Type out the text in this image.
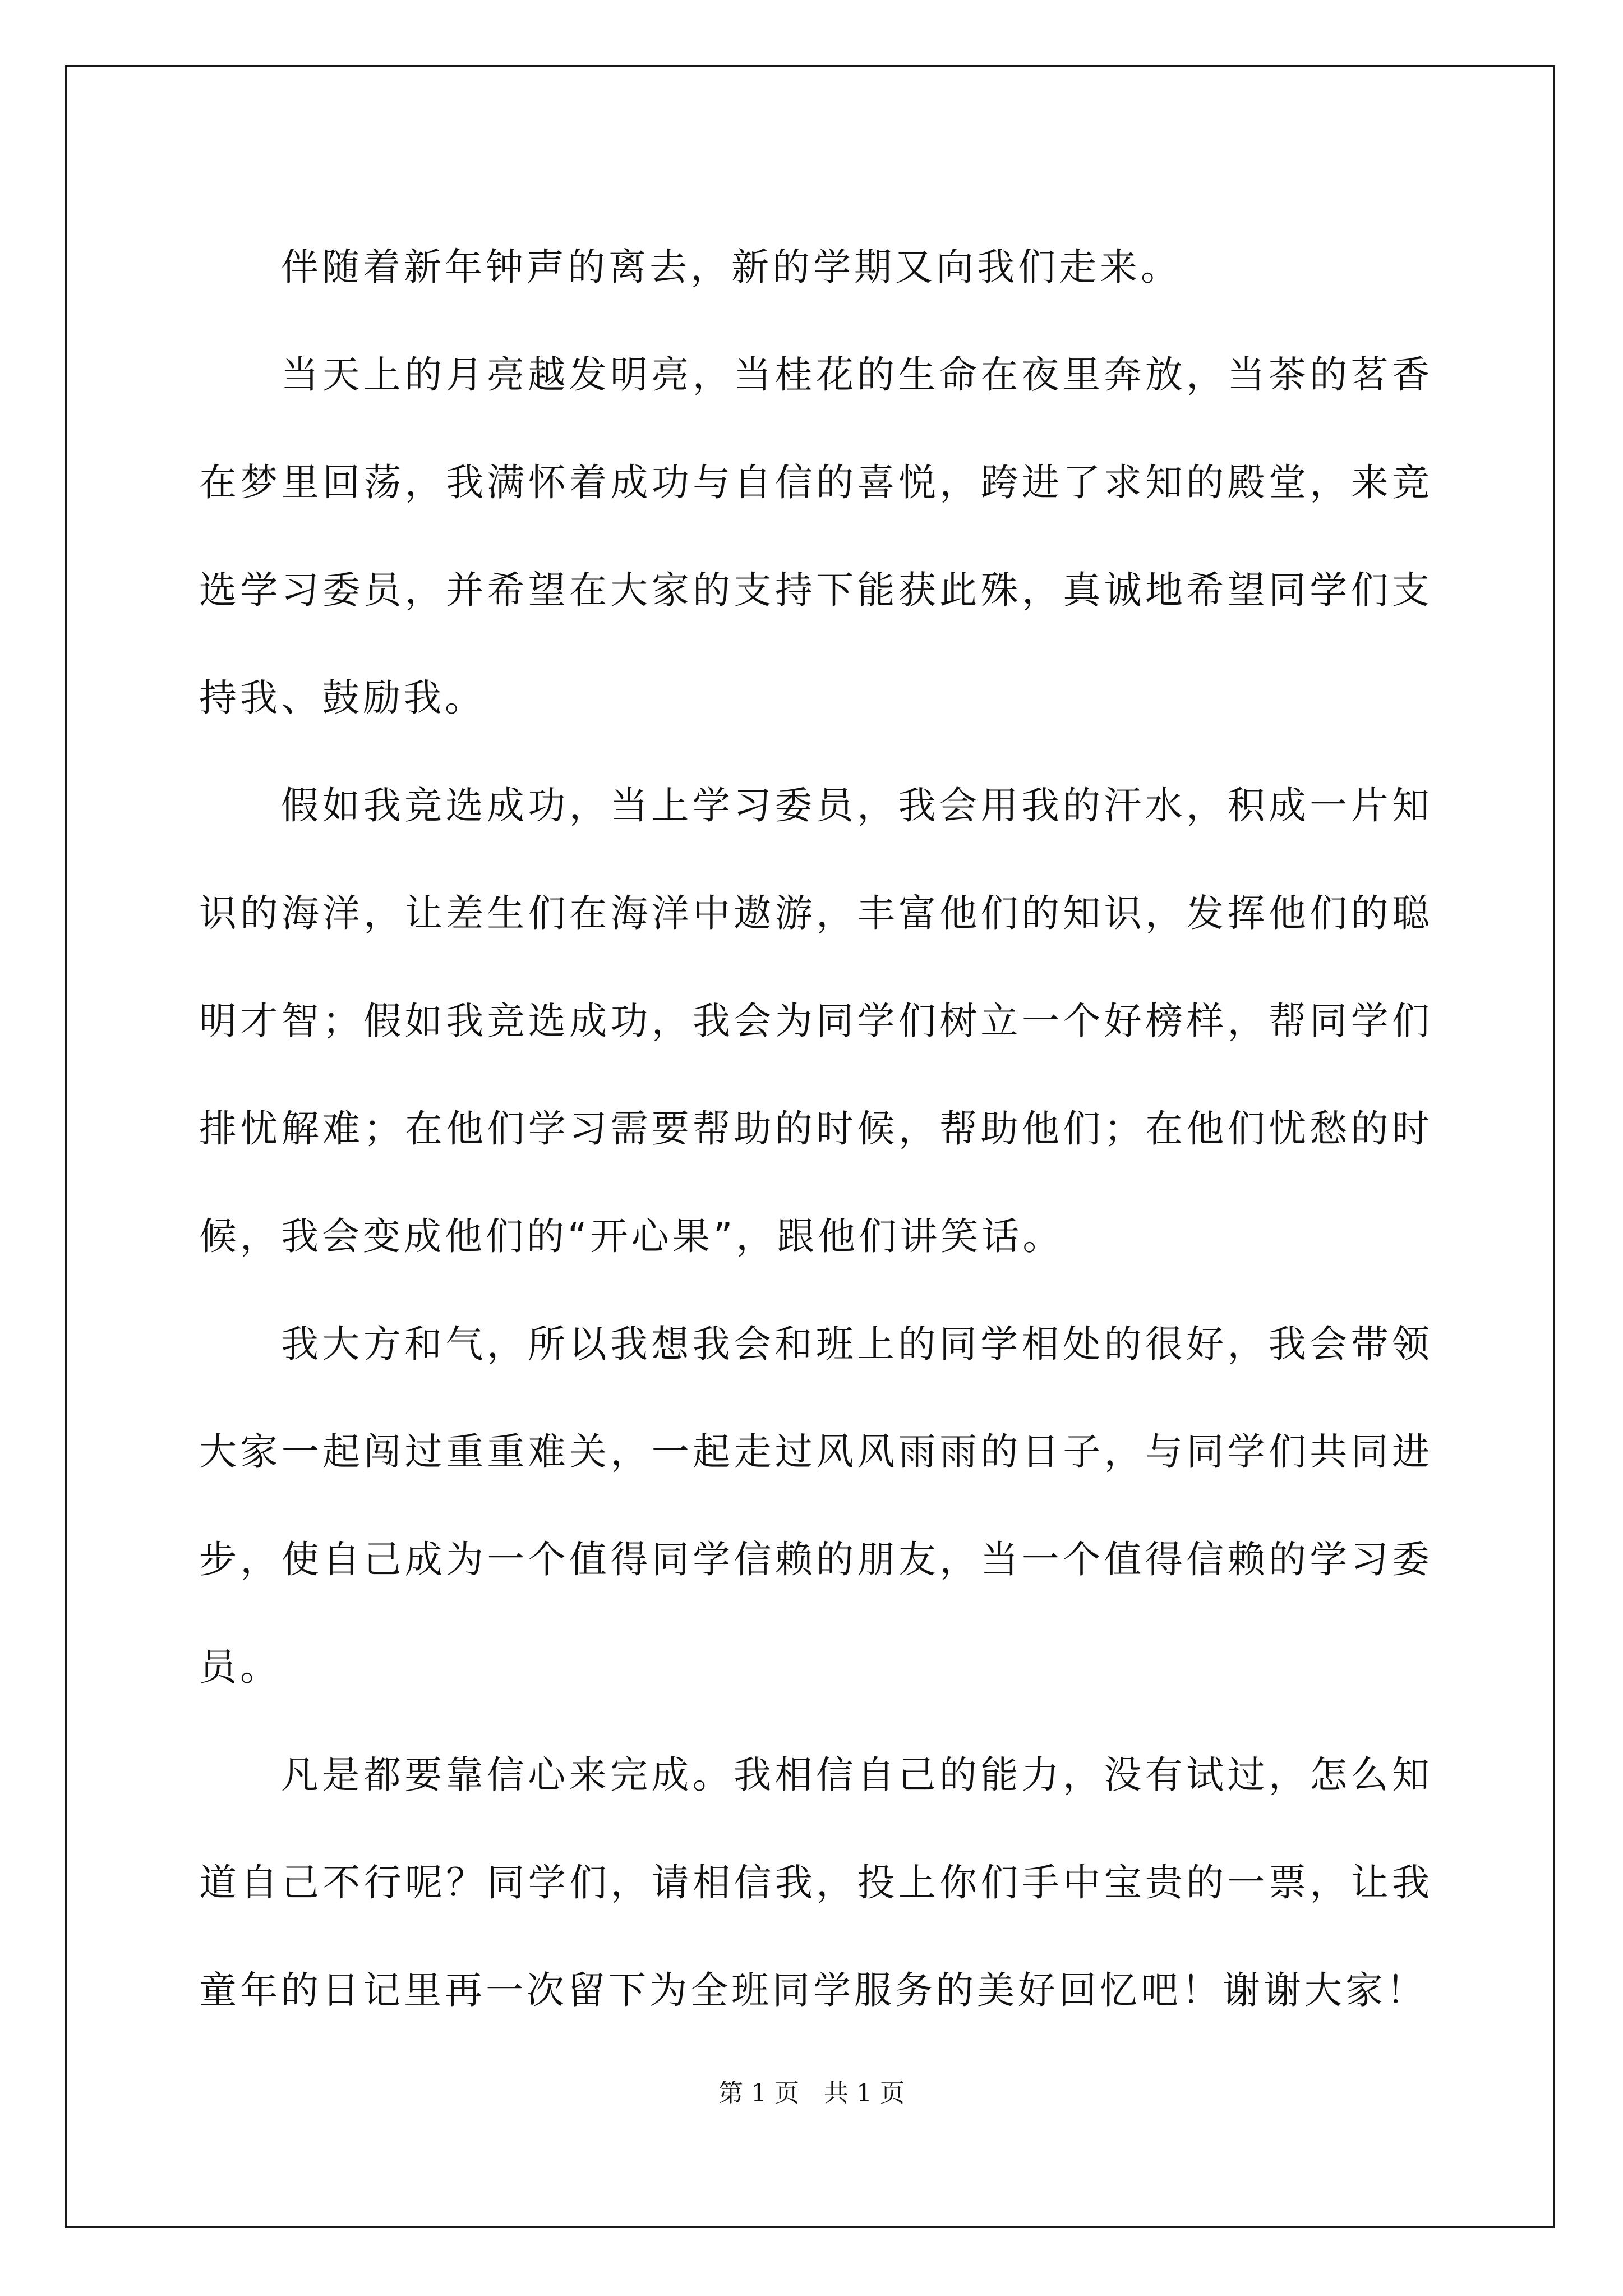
伴随着新年钟声的离去，新的学期又向我们走来。

当天上的月亮越发明亮，当桂花的生命在夜里奔放，当茶的茗香在梦里回荡，我满怀着成功与自信的喜悦，跨进了求知的殿堂，来竞选学习委员，并希望在大家的支持下能获此殊，真诚地希望同学们支持我、鼓励我。

假如我竞选成功，当上学习委员，我会用我的汗水，积成一片知识的海洋，让差生们在海洋中遨游，丰富他们的知识，发挥他们的聪明才智；假如我竞选成功，我会为同学们树立一个好榜样，帮同学们排忧解难；在他们学习需要帮助的时候，帮助他们；在他们忧愁的时候，我会变成他们的“开心果”，跟他们讲笑话。

我大方和气，所以我想我会和班上的同学相处的很好，我会带领大家一起闯过重重难关，一起走过风风雨雨的日子，与同学们共同进步，使自己成为一个值得同学信赖的朋友，当一个值得信赖的学习委员。

凡是都要靠信心来完成。我相信自己的能力，没有试过，怎么知道自己不行呢？同学们，请相信我，投上你们手中宝贵的一票，让我童年的日记里再一次留下为全班同学服务的美好回忆吧！谢谢大家！

第 1 页　共 1 页
